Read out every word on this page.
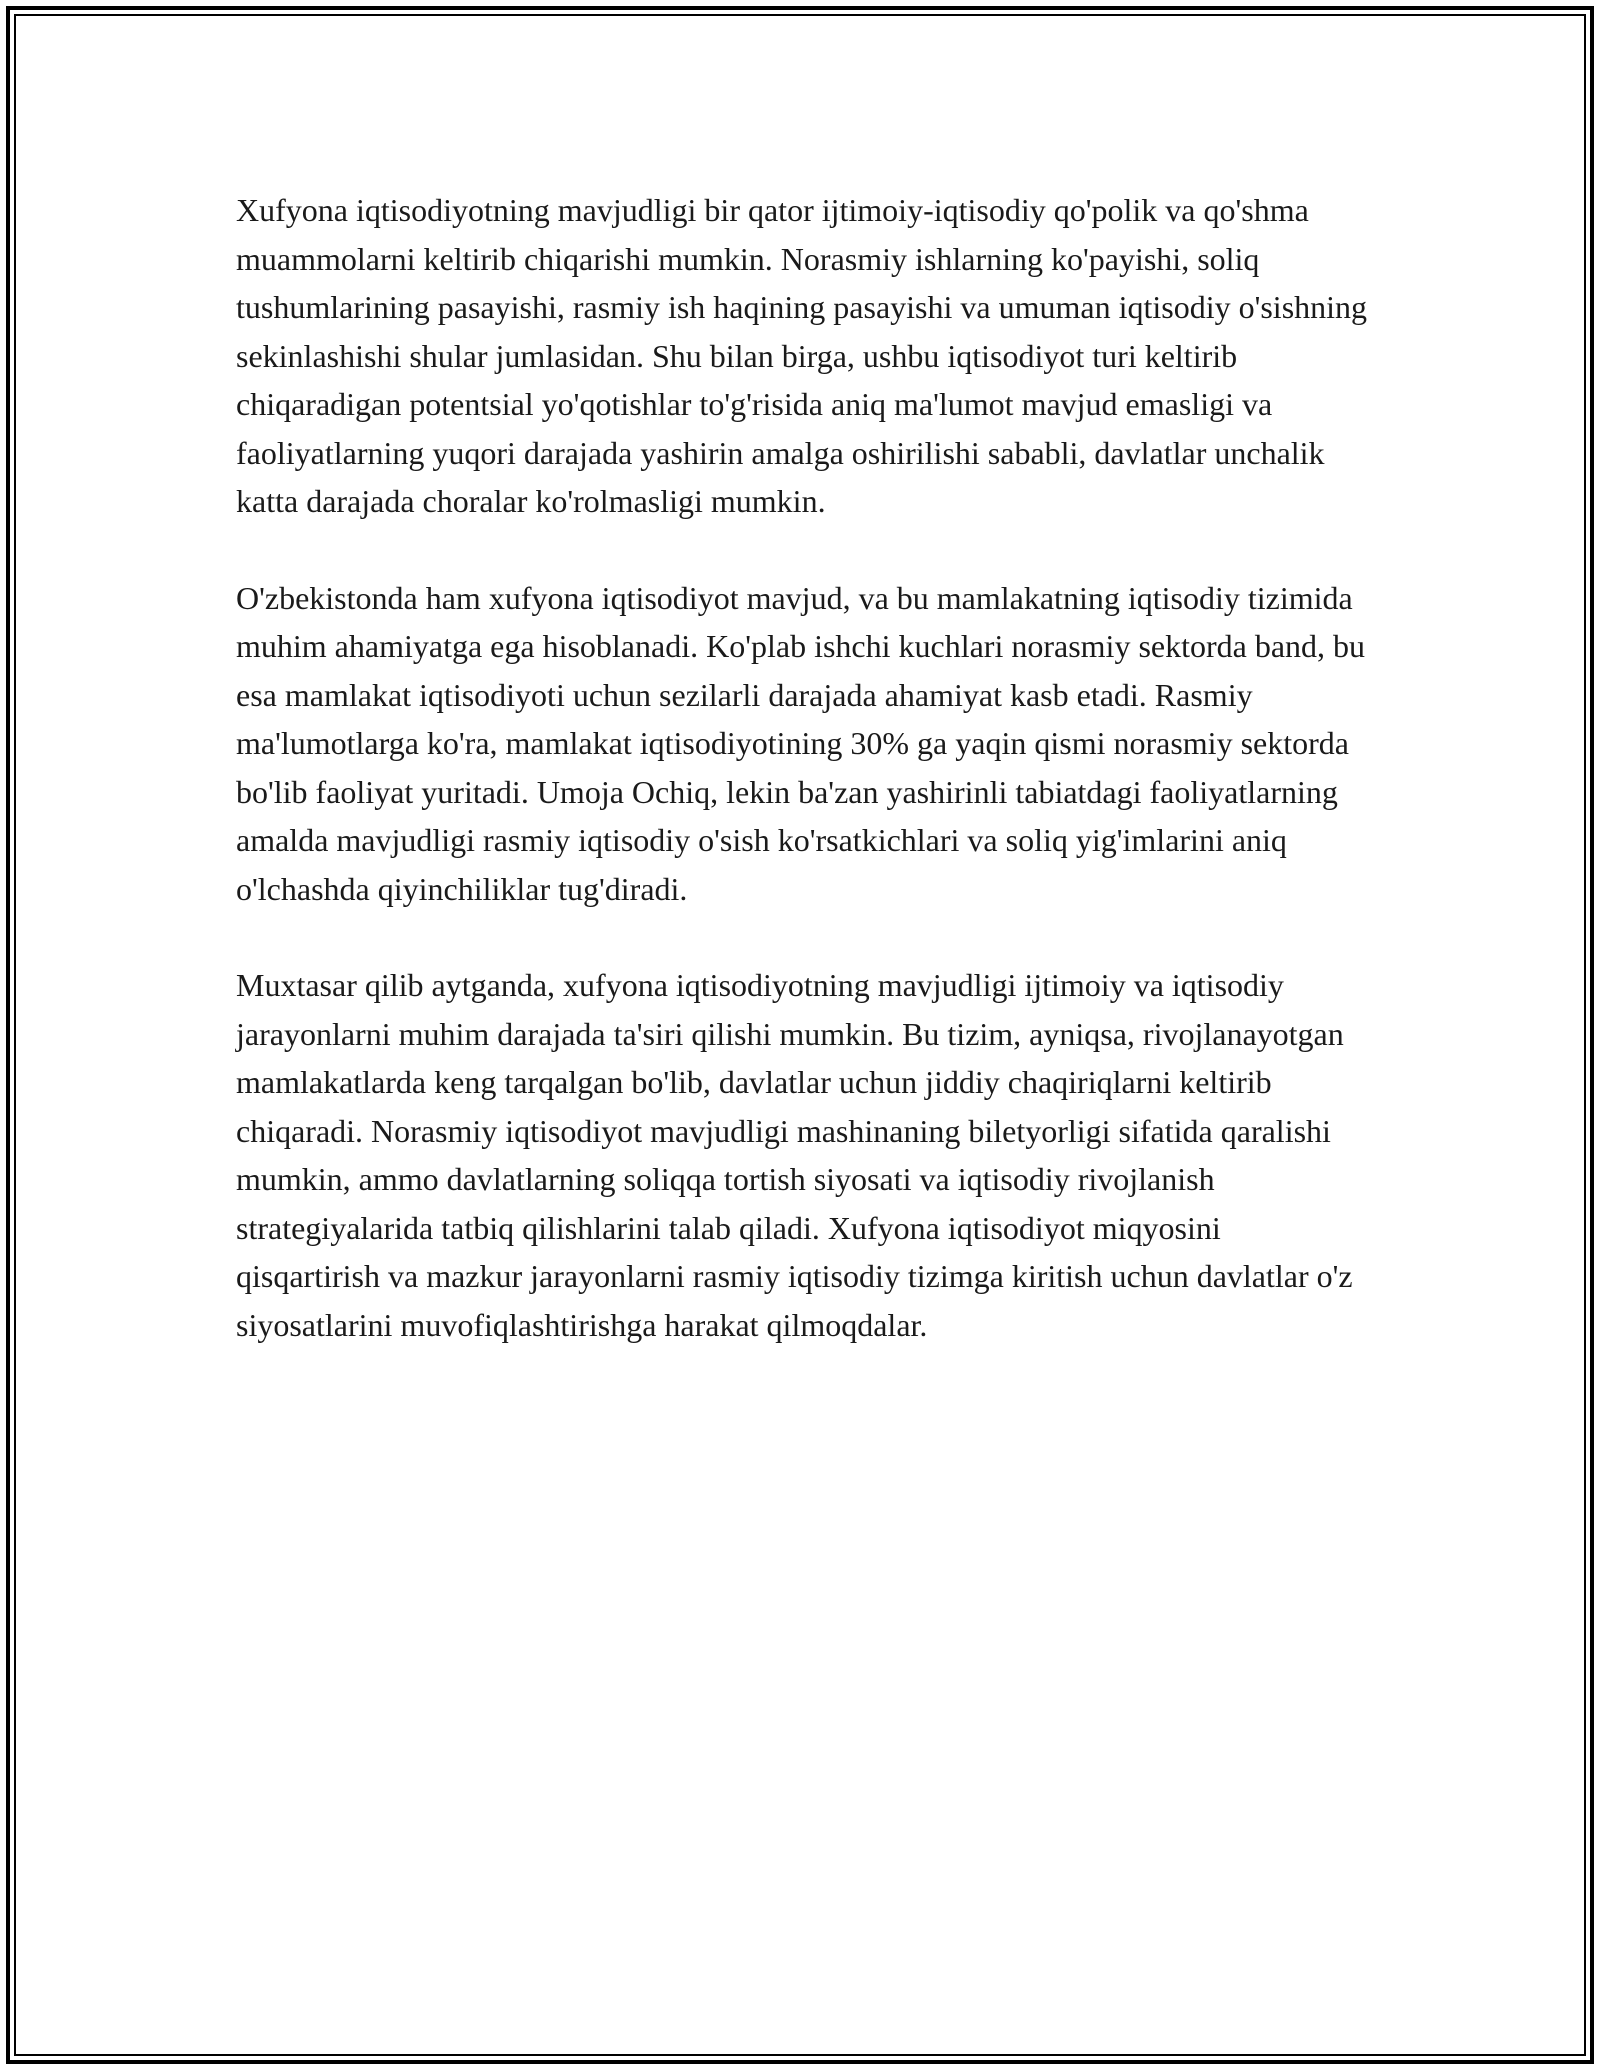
Xufyona iqtisodiyotning mavjudligi bir qator ijtimoiy-iqtisodiy qo'polik va qo'shma muammolarni keltirib chiqarishi mumkin. Norasmiy ishlarning ko'payishi, soliq tushumlarining pasayishi, rasmiy ish haqining pasayishi va umuman iqtisodiy o'sishning sekinlashishi shular jumlasidan. Shu bilan birga, ushbu iqtisodiyot turi keltirib chiqaradigan potentsial yo'qotishlar to'g'risida aniq ma'lumot mavjud emasligi va faoliyatlarning yuqori darajada yashirin amalga oshirilishi sababli, davlatlar unchalik katta darajada choralar ko'rolmasligi mumkin.

O'zbekistonda ham xufyona iqtisodiyot mavjud, va bu mamlakatning iqtisodiy tizimida muhim ahamiyatga ega hisoblanadi. Ko'plab ishchi kuchlari norasmiy sektorda band, bu esa mamlakat iqtisodiyoti uchun sezilarli darajada ahamiyat kasb etadi. Rasmiy ma'lumotlarga ko'ra, mamlakat iqtisodiyotining 30% ga yaqin qismi norasmiy sektorda bo'lib faoliyat yuritadi. Umoja Ochiq, lekin ba'zan yashirinli tabiatdagi faoliyatlarning amalda mavjudligi rasmiy iqtisodiy o'sish ko'rsatkichlari va soliq yig'imlarini aniq o'lchashda qiyinchiliklar tug'diradi.

Muxtasar qilib aytganda, xufyona iqtisodiyotning mavjudligi ijtimoiy va iqtisodiy jarayonlarni muhim darajada ta'siri qilishi mumkin. Bu tizim, ayniqsa, rivojlanayotgan mamlakatlarda keng tarqalgan bo'lib, davlatlar uchun jiddiy chaqiriqlarni keltirib chiqaradi. Norasmiy iqtisodiyot mavjudligi mashinaning biletyorligi sifatida qaralishi mumkin, ammo davlatlarning soliqqa tortish siyosati va iqtisodiy rivojlanish strategiyalarida tatbiq qilishlarini talab qiladi. Xufyona iqtisodiyot miqyosini qisqartirish va mazkur jarayonlarni rasmiy iqtisodiy tizimga kiritish uchun davlatlar o'z siyosatlarini muvofiqlashtirishga harakat qilmoqdalar.
